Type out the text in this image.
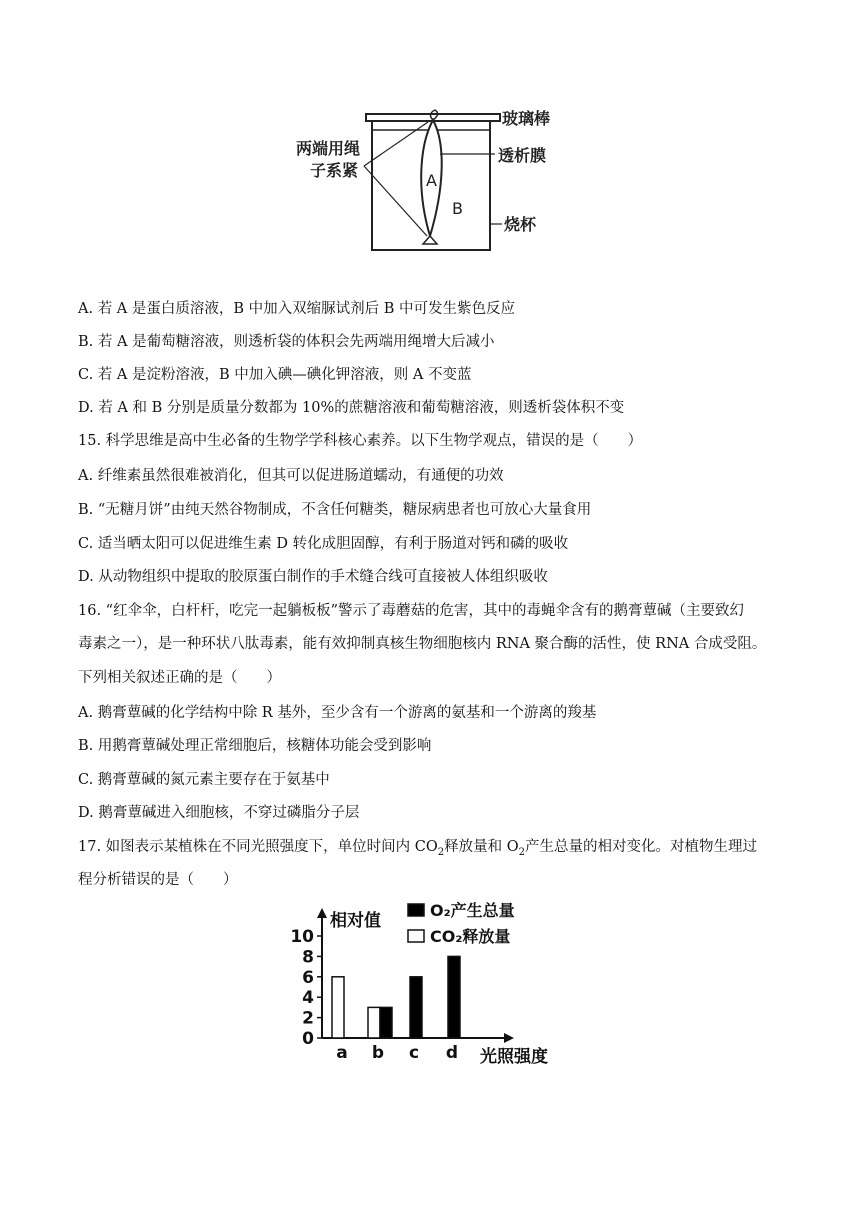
玻璃棒
透析膜
烧杯
两端用绳
子系紧
A
B
A. 若 A 是蛋白质溶液，B 中加入双缩脲试剂后 B 中可发生紫色反应
B. 若 A 是葡萄糖溶液，则透析袋的体积会先两端用绳增大后减小
C. 若 A 是淀粉溶液，B 中加入碘—碘化钾溶液，则 A 不变蓝
D. 若 A 和 B 分别是质量分数都为 10%的蔗糖溶液和葡萄糖溶液，则透析袋体积不变
15. 科学思维是高中生必备的生物学学科核心素养。以下生物学观点，错误的是（　　）
A. 纤维素虽然很难被消化，但其可以促进肠道蠕动，有通便的功效
B. “无糖月饼”由纯天然谷物制成，不含任何糖类，糖尿病患者也可放心大量食用
C. 适当晒太阳可以促进维生素 D 转化成胆固醇，有利于肠道对钙和磷的吸收
D. 从动物组织中提取的胶原蛋白制作的手术缝合线可直接被人体组织吸收
16. “红伞伞，白杆杆，吃完一起躺板板”警示了毒蘑菇的危害，其中的毒蝇伞含有的鹅膏蕈碱（主要致幻
毒素之一），是一种环状八肽毒素，能有效抑制真核生物细胞核内 RNA 聚合酶的活性，使 RNA 合成受阻。
下列相关叙述正确的是（　　）
A. 鹅膏蕈碱的化学结构中除 R 基外，至少含有一个游离的氨基和一个游离的羧基
B. 用鹅膏蕈碱处理正常细胞后，核糖体功能会受到影响
C. 鹅膏蕈碱的氮元素主要存在于氨基中
D. 鹅膏蕈碱进入细胞核，不穿过磷脂分子层
17. 如图表示某植株在不同光照强度下，单位时间内 $CO_2$释放量和 $O_2$产生总量的相对变化。对植物生理过
程分析错误的是（　　）
0
2
4
6
8
10
相对值
光照强度
a b c d
O₂产生总量
CO₂释放量
